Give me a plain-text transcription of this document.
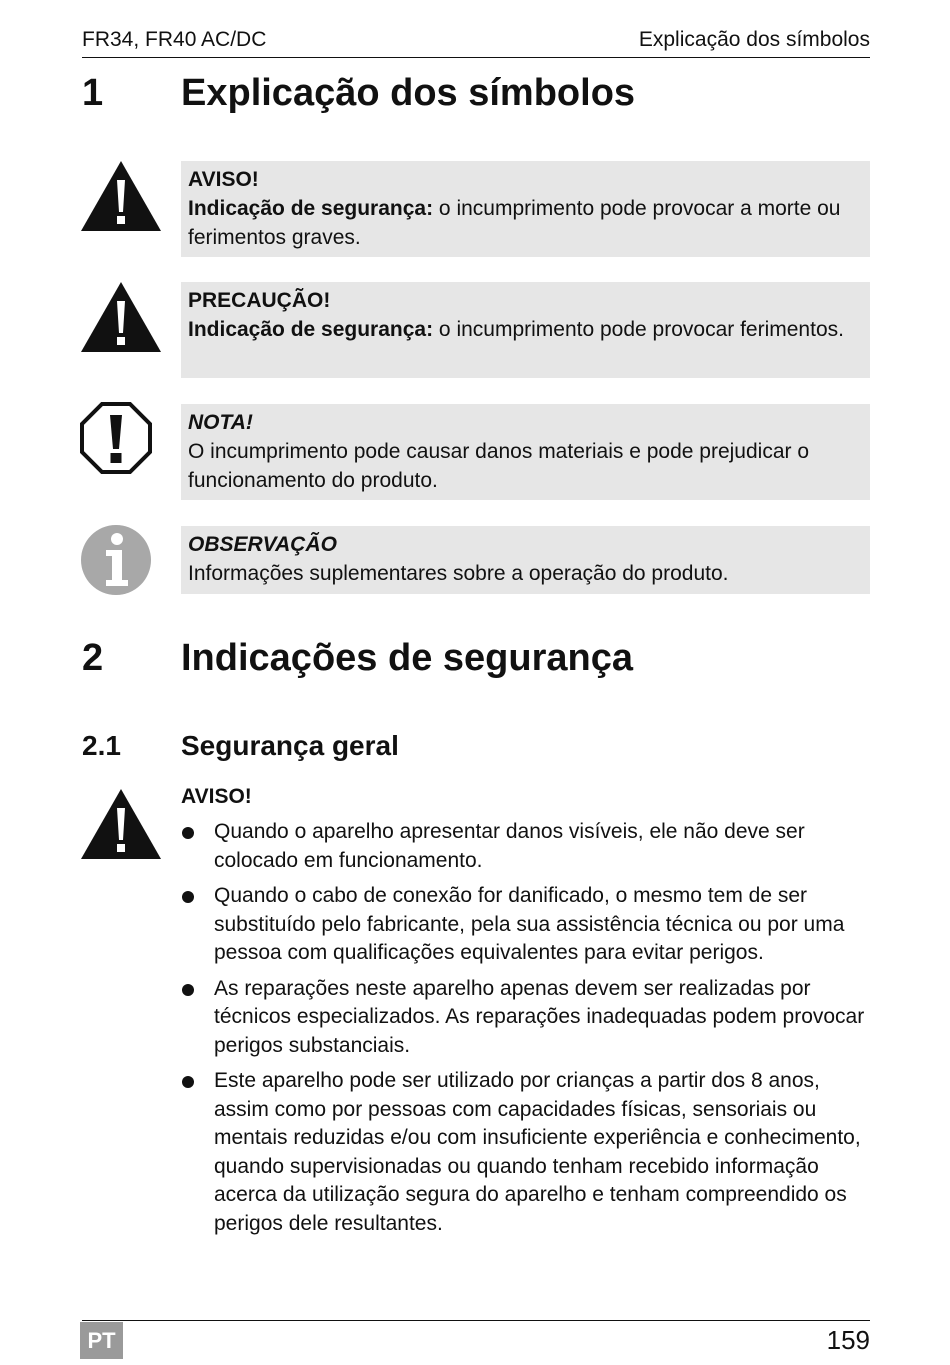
FR34, FR40 AC/DC	Explicação dos símbolos
1 Explicação dos símbolos
AVISO!
Indicação de segurança: o incumprimento pode provocar a morte ou ferimentos graves.
PRECAUÇÃO!
Indicação de segurança: o incumprimento pode provocar ferimentos.
NOTA!
O incumprimento pode causar danos materiais e pode prejudicar o funcionamento do produto.
OBSERVAÇÃO
Informações suplementares sobre a operação do produto.
2 Indicações de segurança
2.1 Segurança geral
AVISO!
Quando o aparelho apresentar danos visíveis, ele não deve ser colocado em funcionamento.
Quando o cabo de conexão for danificado, o mesmo tem de ser substituído pelo fabricante, pela sua assistência técnica ou por uma pessoa com qualificações equivalentes para evitar perigos.
As reparações neste aparelho apenas devem ser realizadas por técnicos especializados. As reparações inadequadas podem provocar perigos substanciais.
Este aparelho pode ser utilizado por crianças a partir dos 8 anos, assim como por pessoas com capacidades físicas, sensoriais ou mentais reduzidas e/ou com insuficiente experiência e conhecimento, quando supervisionadas ou quando tenham recebido informação acerca da utilização segura do aparelho e tenham compreendido os perigos dele resultantes.
PT	159
